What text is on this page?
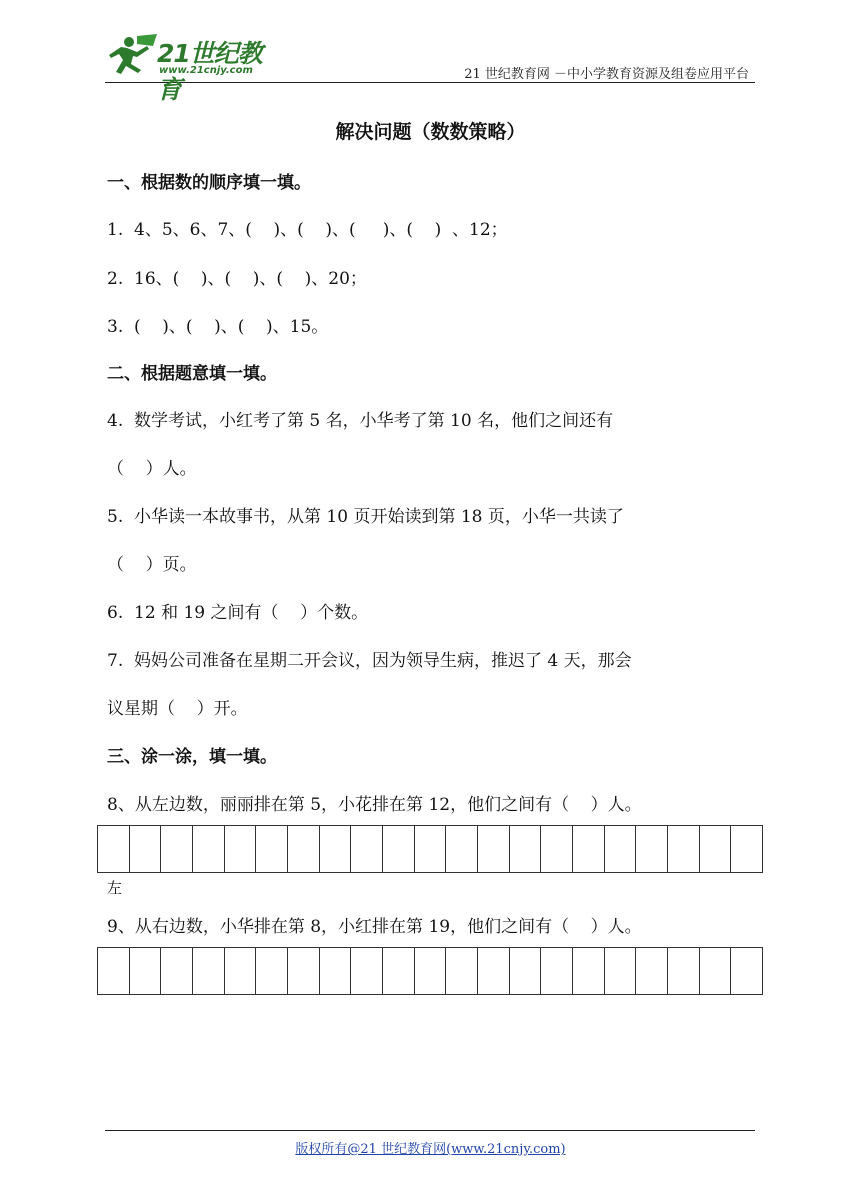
21世纪教育
www.21cnjy.com	21 世纪教育网 －中小学教育资源及组卷应用平台
解决问题（数数策略）
一、根据数的顺序填一填。
1.  4、5、6、7、(    )、(    )、(     )、(    )  、12；
2.  16、(    )、(    )、(    )、20；
3.  (    )、(    )、(    )、15。
二、根据题意填一填。
4.  数学考试，小红考了第 5 名，小华考了第 10 名，他们之间还有
（    ）人。
5.  小华读一本故事书，从第 10 页开始读到第 18 页，小华一共读了
（    ）页。
6.  12 和 19 之间有（    ）个数。
7.  妈妈公司准备在星期二开会议，因为领导生病，推迟了 4 天，那会
议星期（    ）开。
三、涂一涂，填一填。
8、从左边数，丽丽排在第 5，小花排在第 12，他们之间有（    ）人。
左
9、从右边数，小华排在第 8，小红排在第 19，他们之间有（    ）人。
版权所有@21 世纪教育网(www.21cnjy.com)
